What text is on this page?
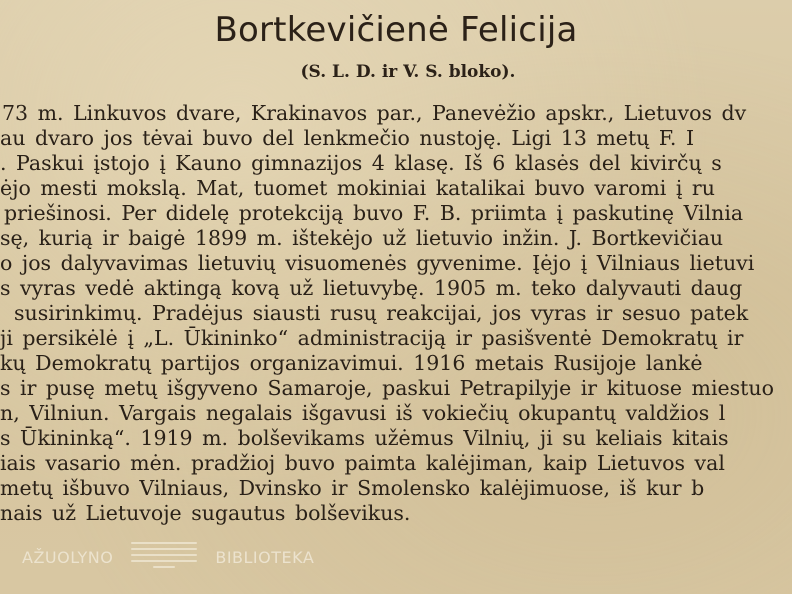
Bortkevičienė Felicija
(S. L. D. ir V. S. bloko).
73 m. Linkuvos dvare, Krakinavos par., Panevėžio apskr., Lietuvos dv
au dvaro jos tėvai buvo del lenkmečio nustoję. Ligi 13 metų F. I
. Paskui įstojo į Kauno gimnazijos 4 klasę. Iš 6 klasės del kivirčų s
ėjo mesti mokslą. Mat, tuomet mokiniai katalikai buvo varomi į ru
priešinosi. Per didelę protekciją buvo F. B. priimta į paskutinę Vilnia
sę, kurią ir baigė 1899 m. ištekėjo už lietuvio inžin. J. Bortkevičiau
o jos dalyvavimas lietuvių visuomenės gyvenime. Įėjo į Vilniaus lietuvi
s vyras vedė aktingą kovą už lietuvybę. 1905 m. teko dalyvauti daug
susirinkimų. Pradėjus siausti rusų reakcijai, jos vyras ir sesuo patek
ji persikėlė į „L. Ūkininko“ administraciją ir pasišventė Demokratų ir
kų Demokratų partijos organizavimui. 1916 metais Rusijoje lankė
s ir pusę metų išgyveno Samaroje, paskui Petrapilyje ir kituose miestuo
n, Vilniun. Vargais negalais išgavusi iš vokiečių okupantų valdžios l
s Ūkininką“. 1919 m. bolševikams užėmus Vilnių, ji su keliais kitais
iais vasario mėn. pradžioj buvo paimta kalėjiman, kaip Lietuvos val
metų išbuvo Vilniaus, Dvinsko ir Smolensko kalėjimuose, iš kur b
nais už Lietuvoje sugautus bolševikus.
AŽUOLYNO	BIBLIOTEKA
